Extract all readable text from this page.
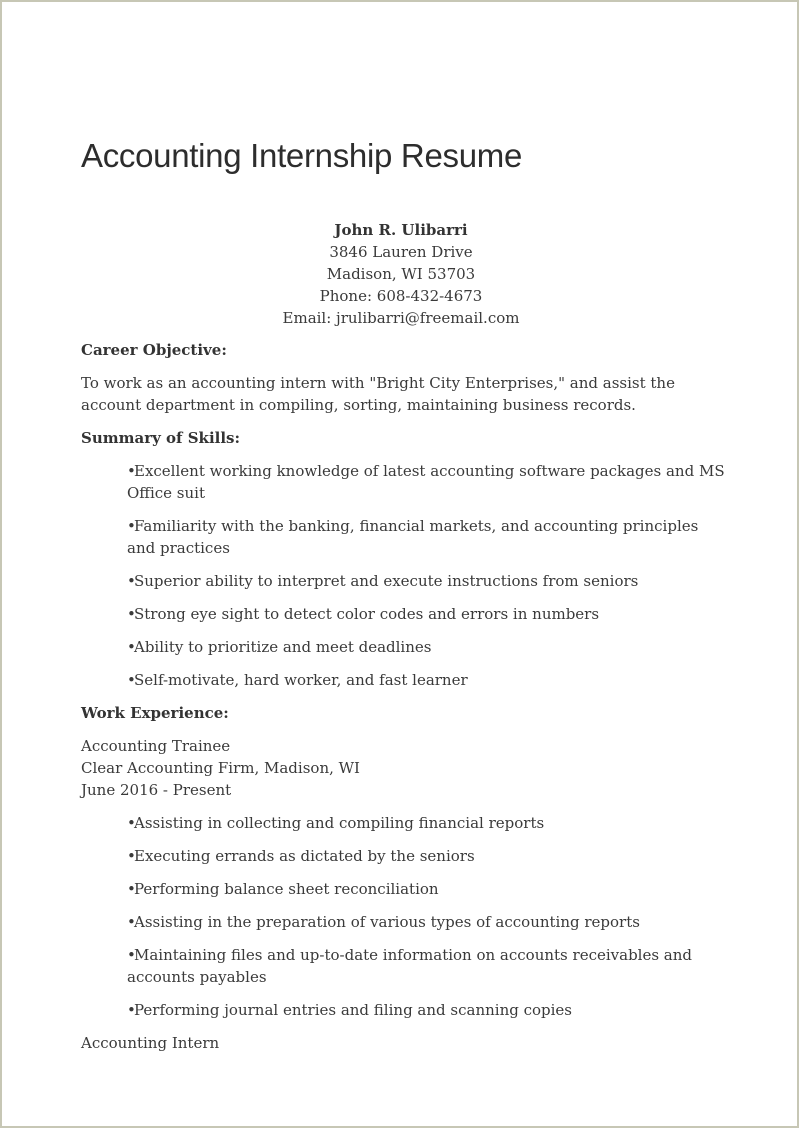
Accounting Internship Resume
John R. Ulibarri
3846 Lauren Drive
Madison, WI 53703
Phone: 608-432-4673
Email: jrulibarri@freemail.com
Career Objective:
To work as an accounting intern with "Bright City Enterprises," and assist the account department in compiling, sorting, maintaining business records.
Summary of Skills:
•Excellent working knowledge of latest accounting software packages and MS Office suit
•Familiarity with the banking, financial markets, and accounting principles and practices
•Superior ability to interpret and execute instructions from seniors
•Strong eye sight to detect color codes and errors in numbers
•Ability to prioritize and meet deadlines
•Self-motivate, hard worker, and fast learner
Work Experience:
Accounting Trainee
Clear Accounting Firm, Madison, WI
June 2016 - Present
•Assisting in collecting and compiling financial reports
•Executing errands as dictated by the seniors
•Performing balance sheet reconciliation
•Assisting in the preparation of various types of accounting reports
•Maintaining files and up-to-date information on accounts receivables and accounts payables
•Performing journal entries and filing and scanning copies
Accounting Intern
